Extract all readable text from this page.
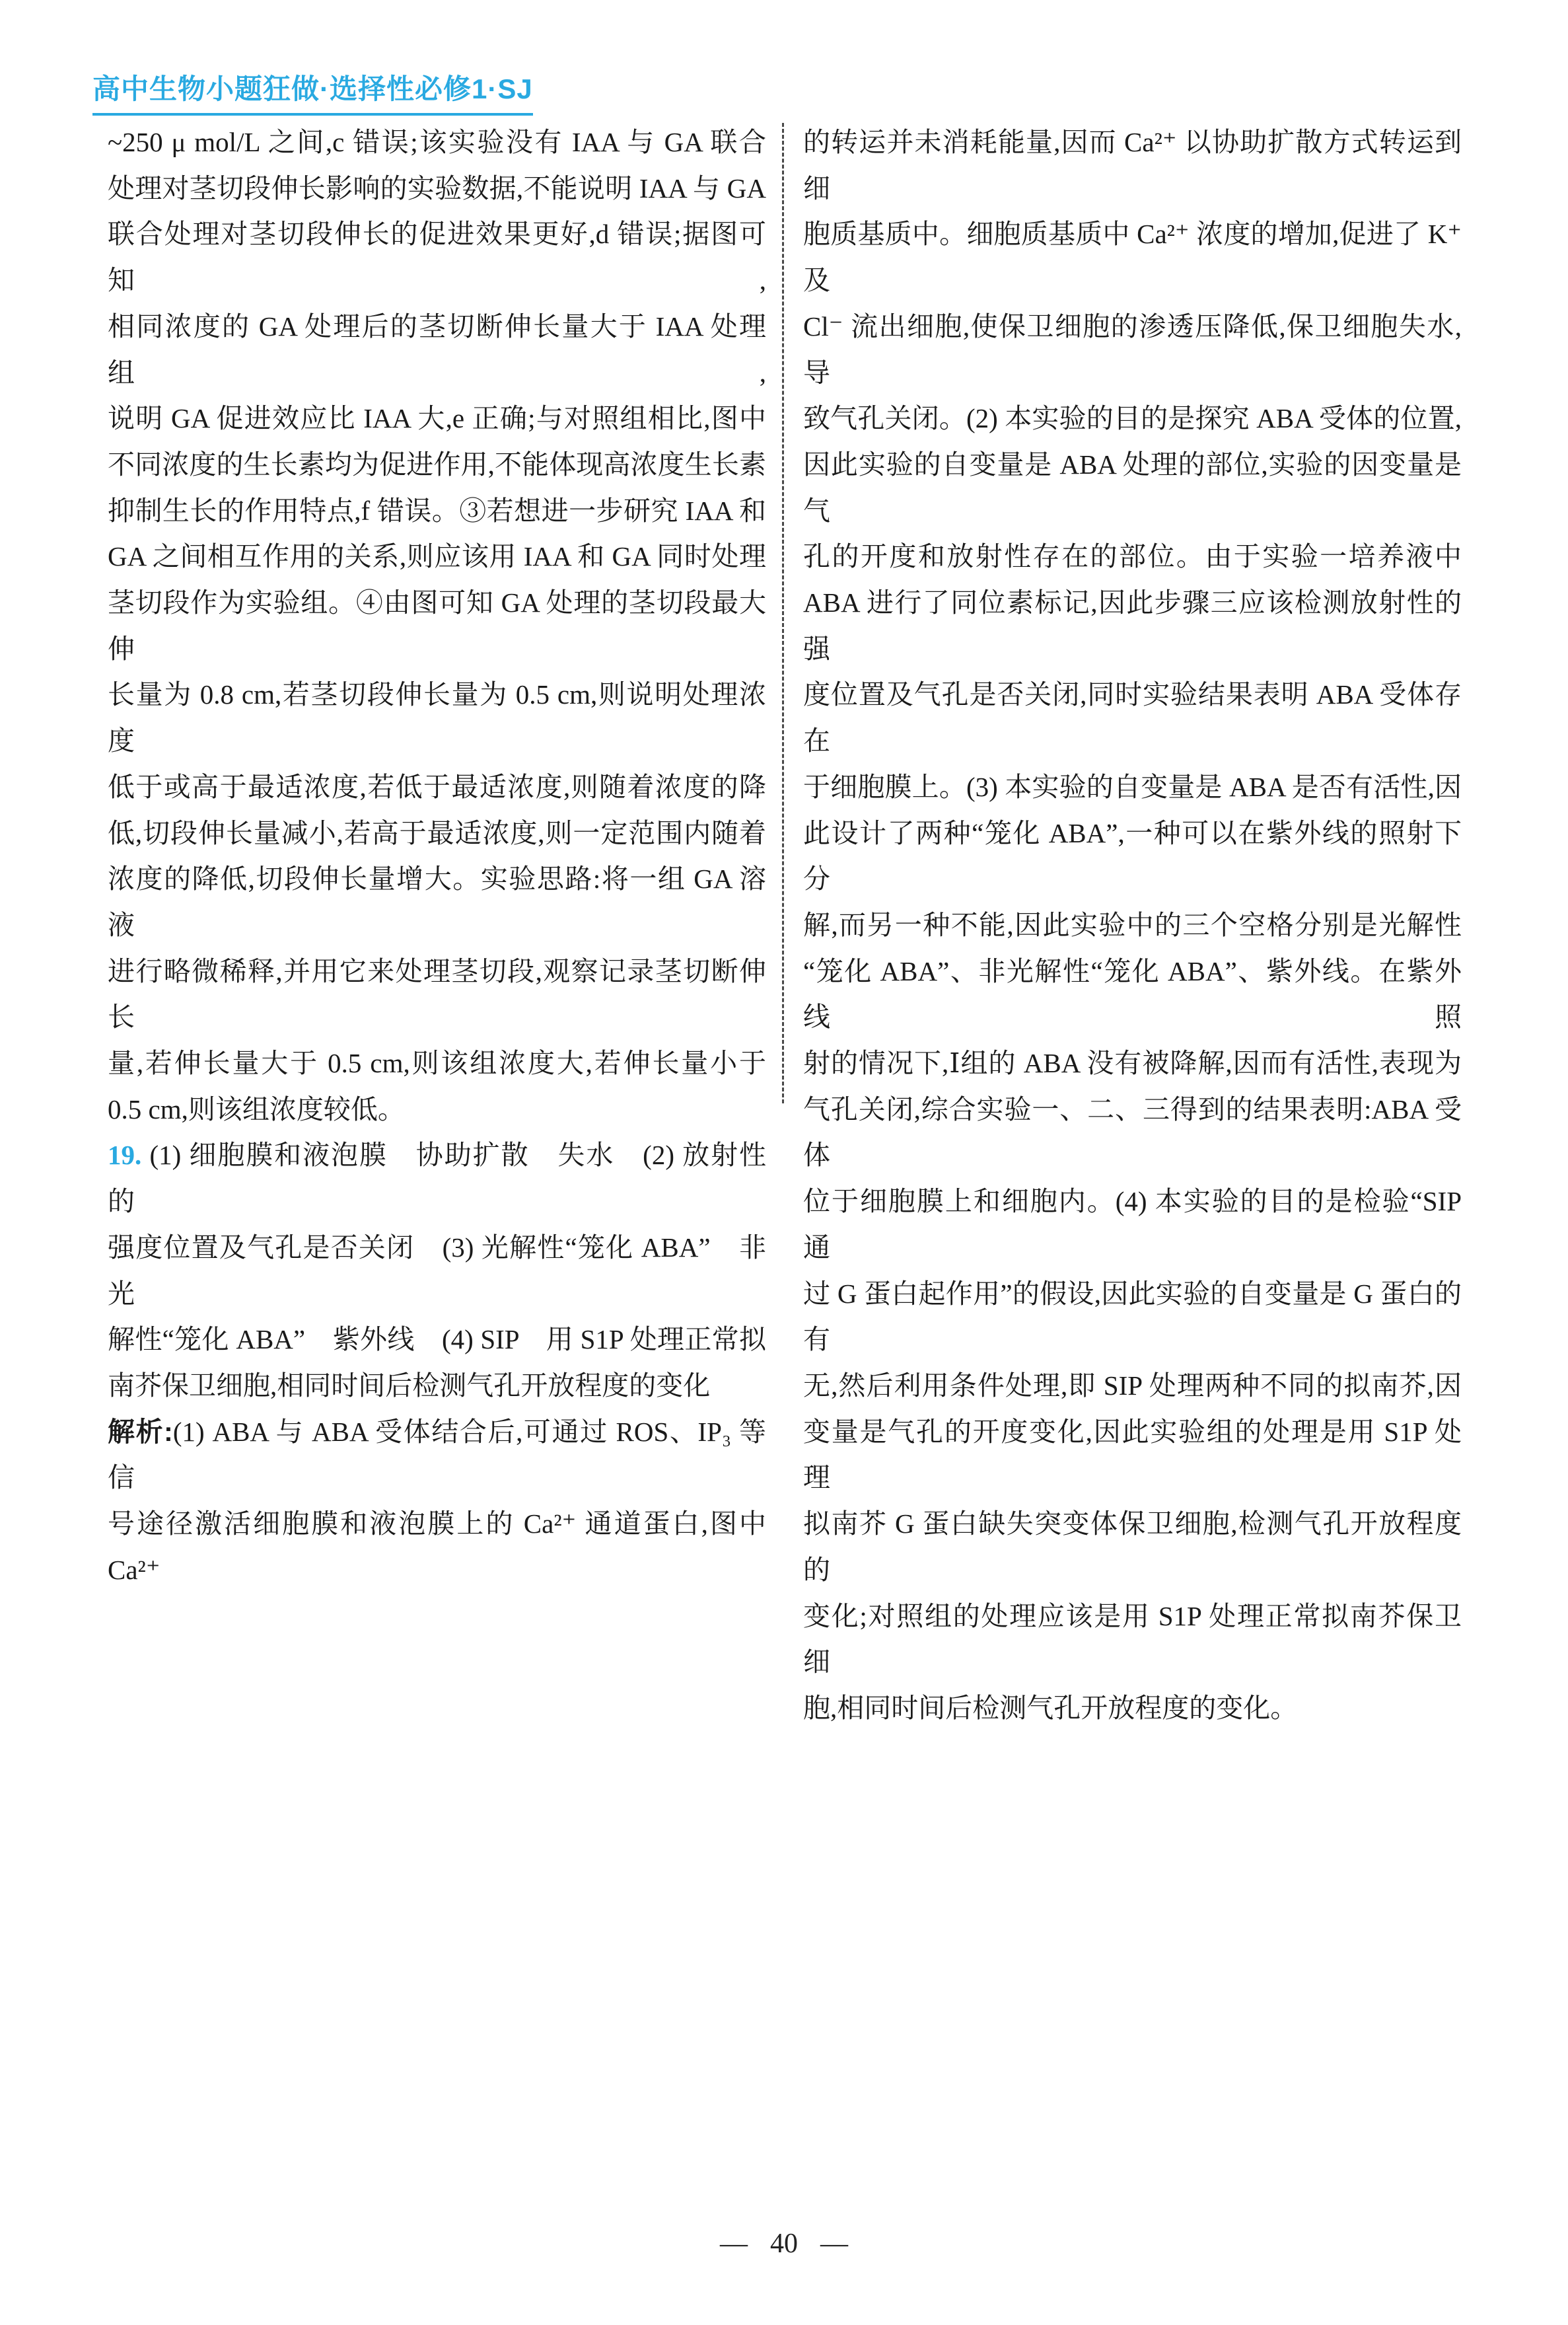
高中生物小题狂做·选择性必修1·SJ
~250 μ mol/L 之间,c 错误;该实验没有 IAA 与 GA 联合
处理对茎切段伸长影响的实验数据,不能说明 IAA 与 GA
联合处理对茎切段伸长的促进效果更好,d 错误;据图可知,
相同浓度的 GA 处理后的茎切断伸长量大于 IAA 处理组,
说明 GA 促进效应比 IAA 大,e 正确;与对照组相比,图中
不同浓度的生长素均为促进作用,不能体现高浓度生长素
抑制生长的作用特点,f 错误。③若想进一步研究 IAA 和
GA 之间相互作用的关系,则应该用 IAA 和 GA 同时处理
茎切段作为实验组。④由图可知 GA 处理的茎切段最大伸
长量为 0.8 cm,若茎切段伸长量为 0.5 cm,则说明处理浓度
低于或高于最适浓度,若低于最适浓度,则随着浓度的降
低,切段伸长量减小,若高于最适浓度,则一定范围内随着
浓度的降低,切段伸长量增大。实验思路:将一组 GA 溶液
进行略微稀释,并用它来处理茎切段,观察记录茎切断伸长
量,若伸长量大于 0.5 cm,则该组浓度大,若伸长量小于
0.5 cm,则该组浓度较低。
19. (1) 细胞膜和液泡膜　协助扩散　失水　(2) 放射性的
强度位置及气孔是否关闭　(3) 光解性“笼化 ABA”　非光
解性“笼化 ABA”　紫外线　(4) SIP　用 S1P 处理正常拟
南芥保卫细胞,相同时间后检测气孔开放程度的变化
解析:(1) ABA 与 ABA 受体结合后,可通过 ROS、IP₃ 等信
号途径激活细胞膜和液泡膜上的 Ca²⁺ 通道蛋白,图中 Ca²⁺
的转运并未消耗能量,因而 Ca²⁺ 以协助扩散方式转运到细
胞质基质中。细胞质基质中 Ca²⁺ 浓度的增加,促进了 K⁺ 及
Cl⁻ 流出细胞,使保卫细胞的渗透压降低,保卫细胞失水,导
致气孔关闭。(2) 本实验的目的是探究 ABA 受体的位置,
因此实验的自变量是 ABA 处理的部位,实验的因变量是气
孔的开度和放射性存在的部位。由于实验一培养液中
ABA 进行了同位素标记,因此步骤三应该检测放射性的强
度位置及气孔是否关闭,同时实验结果表明 ABA 受体存在
于细胞膜上。(3) 本实验的自变量是 ABA 是否有活性,因
此设计了两种“笼化 ABA”,一种可以在紫外线的照射下分
解,而另一种不能,因此实验中的三个空格分别是光解性
“笼化 ABA”、非光解性“笼化 ABA”、紫外线。在紫外线照
射的情况下,Ⅰ组的 ABA 没有被降解,因而有活性,表现为
气孔关闭,综合实验一、二、三得到的结果表明:ABA 受体
位于细胞膜上和细胞内。(4) 本实验的目的是检验“SIP 通
过 G 蛋白起作用”的假设,因此实验的自变量是 G 蛋白的有
无,然后利用条件处理,即 SIP 处理两种不同的拟南芥,因
变量是气孔的开度变化,因此实验组的处理是用 S1P 处理
拟南芥 G 蛋白缺失突变体保卫细胞,检测气孔开放程度的
变化;对照组的处理应该是用 S1P 处理正常拟南芥保卫细
胞,相同时间后检测气孔开放程度的变化。
— 40 —
